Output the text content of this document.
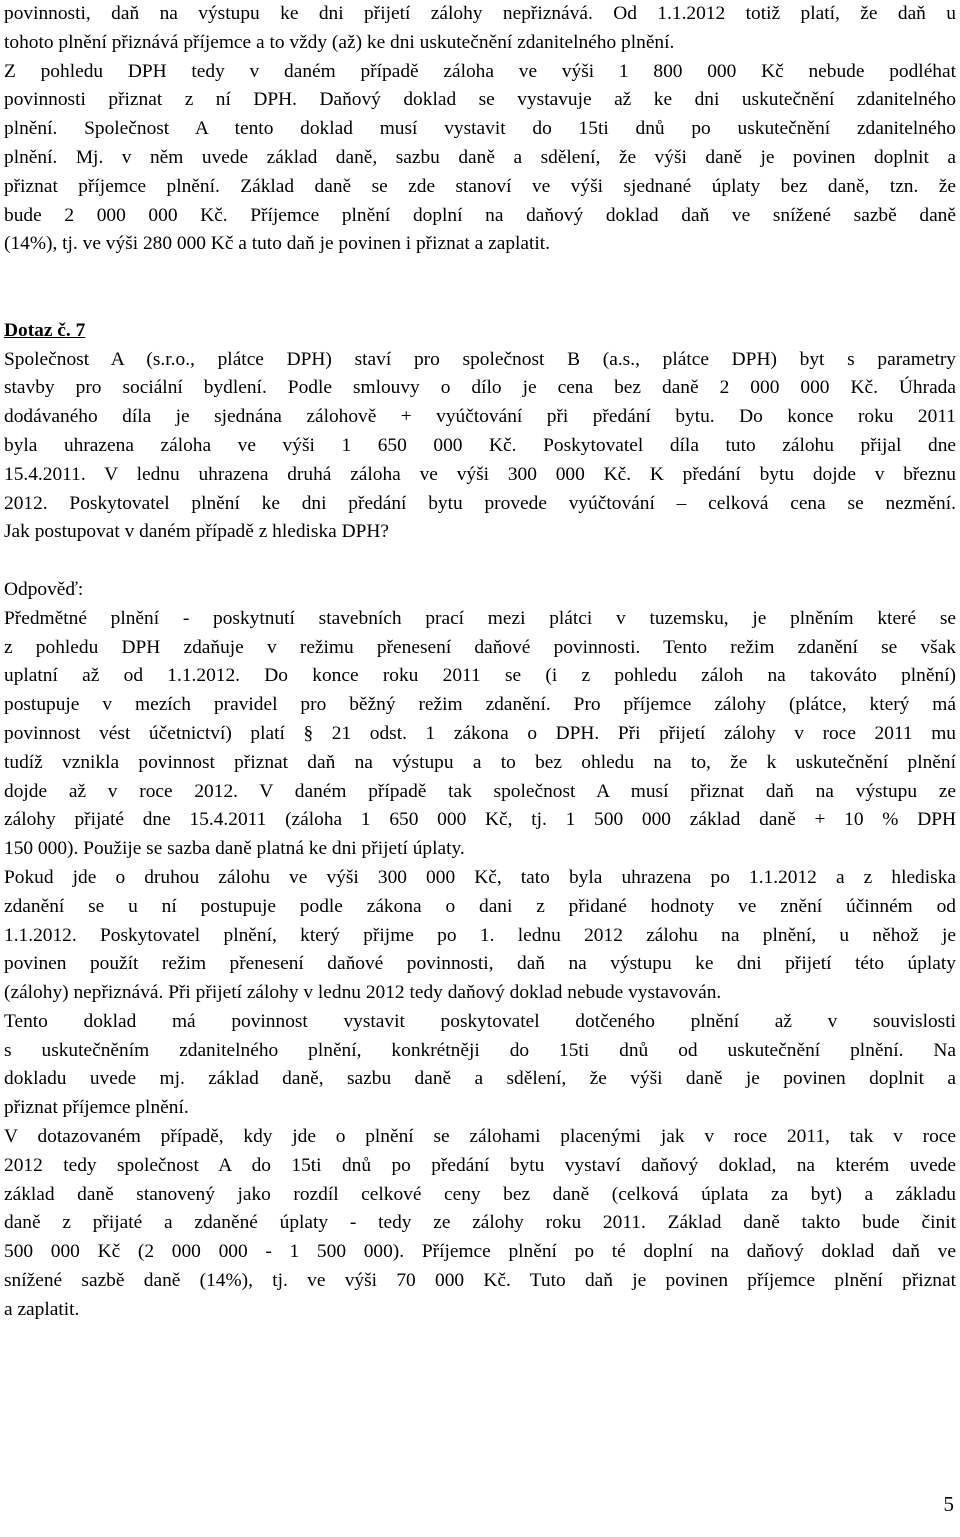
povinnosti, daň na výstupu ke dni přijetí zálohy nepřiznává. Od 1.1.2012 totiž platí, že daň u
tohoto plnění přiznává příjemce a to vždy (až) ke dni uskutečnění zdanitelného plnění.
Z pohledu DPH tedy v daném případě záloha ve výši 1 800 000 Kč nebude podléhat
povinnosti přiznat z ní DPH. Daňový doklad se vystavuje až ke dni uskutečnění zdanitelného
plnění. Společnost A tento doklad musí vystavit do 15ti dnů po uskutečnění zdanitelného
plnění. Mj. v něm uvede základ daně, sazbu daně a sdělení, že výši daně je povinen doplnit a
přiznat příjemce plnění. Základ daně se zde stanoví ve výši sjednané úplaty bez daně, tzn. že
bude 2 000 000 Kč. Příjemce plnění doplní na daňový doklad daň ve snížené sazbě daně
(14%), tj. ve výši 280 000 Kč a tuto daň je povinen i přiznat a zaplatit.
Dotaz č. 7
Společnost A (s.r.o., plátce DPH) staví pro společnost B (a.s., plátce DPH) byt s parametry
stavby pro sociální bydlení. Podle smlouvy o dílo je cena bez daně 2 000 000 Kč. Úhrada
dodávaného díla je sjednána zálohově + vyúčtování při předání bytu. Do konce roku 2011
byla uhrazena záloha ve výši 1 650 000 Kč. Poskytovatel díla tuto zálohu přijal dne
15.4.2011. V lednu uhrazena druhá záloha ve výši 300 000 Kč. K předání bytu dojde v březnu
2012. Poskytovatel plnění ke dni předání bytu provede vyúčtování – celková cena se nezmění.
Jak postupovat v daném případě z hlediska DPH?
Odpověď:
Předmětné plnění - poskytnutí stavebních prací mezi plátci v tuzemsku, je plněním které se
z pohledu DPH zdaňuje v režimu přenesení daňové povinnosti. Tento režim zdanění se však
uplatní až od 1.1.2012. Do konce roku 2011 se (i z pohledu záloh na takováto plnění)
postupuje v mezích pravidel pro běžný režim zdanění. Pro příjemce zálohy (plátce, který má
povinnost vést účetnictví) platí § 21 odst. 1 zákona o DPH. Při přijetí zálohy v roce 2011 mu
tudíž vznikla povinnost přiznat daň na výstupu a to bez ohledu na to, že k uskutečnění plnění
dojde až v roce 2012. V daném případě tak společnost A musí přiznat daň na výstupu ze
zálohy přijaté dne 15.4.2011 (záloha 1 650 000 Kč, tj. 1 500 000 základ daně + 10 % DPH
150 000). Použije se sazba daně platná ke dni přijetí úplaty.
Pokud jde o druhou zálohu ve výši 300 000 Kč, tato byla uhrazena po 1.1.2012 a z hlediska
zdanění se u ní postupuje podle zákona o dani z přidané hodnoty ve znění účinném od
1.1.2012. Poskytovatel plnění, který přijme po 1. lednu 2012 zálohu na plnění, u něhož je
povinen použít režim přenesení daňové povinnosti, daň na výstupu ke dni přijetí této úplaty
(zálohy) nepřiznává. Při přijetí zálohy v lednu 2012 tedy daňový doklad nebude vystavován.
Tento doklad má povinnost vystavit poskytovatel dotčeného plnění až v souvislosti
s uskutečněním zdanitelného plnění, konkrétněji do 15ti dnů od uskutečnění plnění. Na
dokladu uvede mj. základ daně, sazbu daně a sdělení, že výši daně je povinen doplnit a
přiznat příjemce plnění.
V dotazovaném případě, kdy jde o plnění se zálohami placenými jak v roce 2011, tak v roce
2012 tedy společnost A do 15ti dnů po předání bytu vystaví daňový doklad, na kterém uvede
základ daně stanovený jako rozdíl celkové ceny bez daně (celková úplata za byt) a základu
daně z přijaté a zdaněné úplaty - tedy ze zálohy roku 2011. Základ daně takto bude činit
500 000 Kč (2 000 000 - 1 500 000). Příjemce plnění po té doplní na daňový doklad daň ve
snížené sazbě daně (14%), tj. ve výši 70 000 Kč. Tuto daň je povinen příjemce plnění přiznat
a zaplatit.
5
